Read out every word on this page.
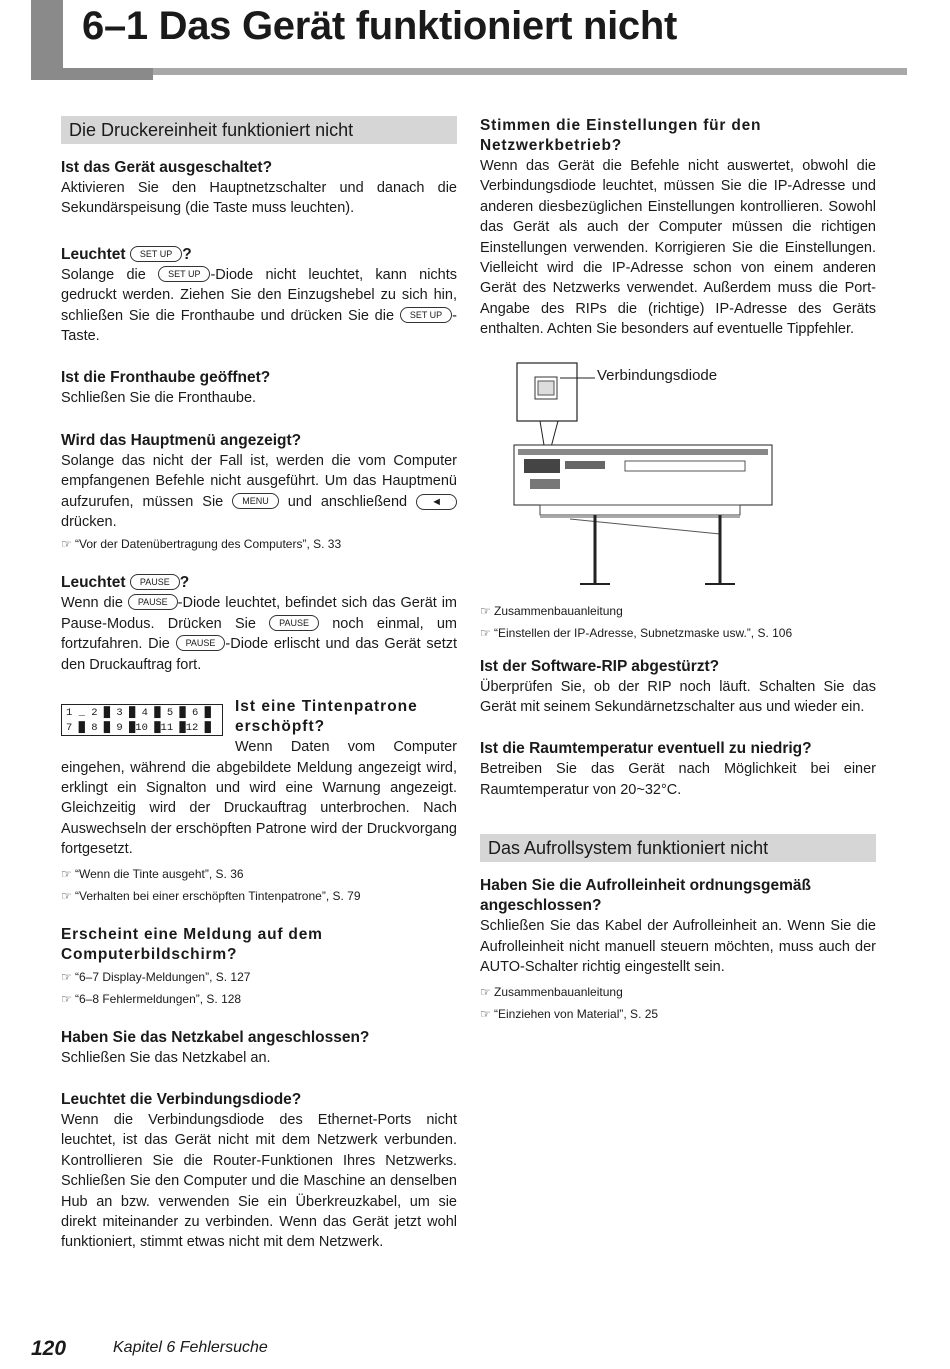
6–1 Das Gerät funktioniert nicht
Die Druckereinheit funktioniert nicht
Ist das Gerät ausgeschaltet?

Aktivieren Sie den Hauptnetzschalter und danach die Sekundärspeisung (die Taste muss leuchten).

Leuchtet SET UP ?

Solange die SET UP -Diode nicht leuchtet, kann nichts gedruckt werden. Ziehen Sie den Einzugshebel zu sich hin, schließen Sie die Fronthaube und drücken Sie die SET UP -Taste.

Ist die Fronthaube geöffnet?

Schließen Sie die Fronthaube.

Wird das Hauptmenü angezeigt?

Solange das nicht der Fall ist, werden die vom Computer empfangenen Befehle nicht ausgeführt. Um das Hauptmenü aufzurufen, müssen Sie MENU und anschließend ◄ drücken.

☞ “Vor der Datenübertragung des Computers”, S. 33
Leuchtet PAUSE ?

Wenn die PAUSE -Diode leuchtet, befindet sich das Gerät im Pause-Modus. Drücken Sie	PAUSE noch einmal, um fortzufahren. Die PAUSE -Diode erlischt und das Gerät setzt den Druckauftrag fort.

1 _ 2 █ 3 █ 4 █ 5 █ 6 █
7 █ 8 █ 9 █10 █11 █12 █
Ist eine Tintenpatrone erschöpft?

Wenn Daten vom Computer eingehen, während die abgebildete Meldung angezeigt wird, erklingt ein Signalton und wird eine Warnung angezeigt. Gleichzeitig wird der Druckauftrag unterbrochen. Nach Auswechseln der erschöpften Patrone wird der Druckvorgang fortgesetzt.

☞ “Wenn die Tinte ausgeht”, S. 36
☞ “Verhalten bei einer erschöpften Tintenpatrone”, S. 79
Erscheint eine Meldung auf dem Computerbildschirm?
☞ “6–7 Display-Meldungen”, S. 127
☞ “6–8 Fehlermeldungen”, S. 128
Haben Sie das Netzkabel angeschlossen?

Schließen Sie das Netzkabel an.

Leuchtet die Verbindungsdiode?

Wenn die Verbindungsdiode des Ethernet-Ports nicht leuchtet, ist das Gerät nicht mit dem Netzwerk verbunden. Kontrollieren Sie die Router-Funktionen Ihres Netzwerks. Schließen Sie den Computer und die Maschine an denselben Hub an bzw. verwenden Sie ein Überkreuzkabel, um sie direkt miteinander zu verbinden. Wenn das Gerät jetzt wohl funktioniert, stimmt etwas nicht mit dem Netzwerk.

Stimmen die Einstellungen für den Netzwerkbetrieb?

Wenn das Gerät die Befehle nicht auswertet, obwohl die Verbindungsdiode leuchtet, müssen Sie die IP-Adresse und anderen diesbezüglichen Einstellungen kontrollieren. Sowohl das Gerät als auch der Computer müssen die richtigen Einstellungen verwenden. Korrigieren Sie die Einstellungen. Vielleicht wird die IP-Adresse schon von einem anderen Gerät des Netzwerks verwendet. Außerdem muss die Port-Angabe des RIPs die (richtige) IP-Adresse des Geräts enthalten. Achten Sie besonders auf eventuelle Tippfehler.

Verbindungsdiode
☞ Zusammenbauanleitung
☞ “Einstellen der IP-Adresse, Subnetzmaske usw.”, S. 106
Ist der Software-RIP abgestürzt?

Überprüfen Sie, ob der RIP noch läuft. Schalten Sie das Gerät mit seinem Sekundärnetzschalter aus und wieder ein.

Ist die Raumtemperatur eventuell zu niedrig?

Betreiben Sie das Gerät nach Möglichkeit bei einer Raumtemperatur von 20~32°C.

Das Aufrollsystem funktioniert nicht
Haben Sie die Aufrolleinheit ordnungsgemäß angeschlossen?

Schließen Sie das Kabel der Aufrolleinheit an. Wenn Sie die Aufrolleinheit nicht manuell steuern möchten, muss auch der AUTO-Schalter richtig eingestellt sein.

☞ Zusammenbauanleitung
☞ “Einziehen von Material”, S. 25
120	Kapitel 6 Fehlersuche
